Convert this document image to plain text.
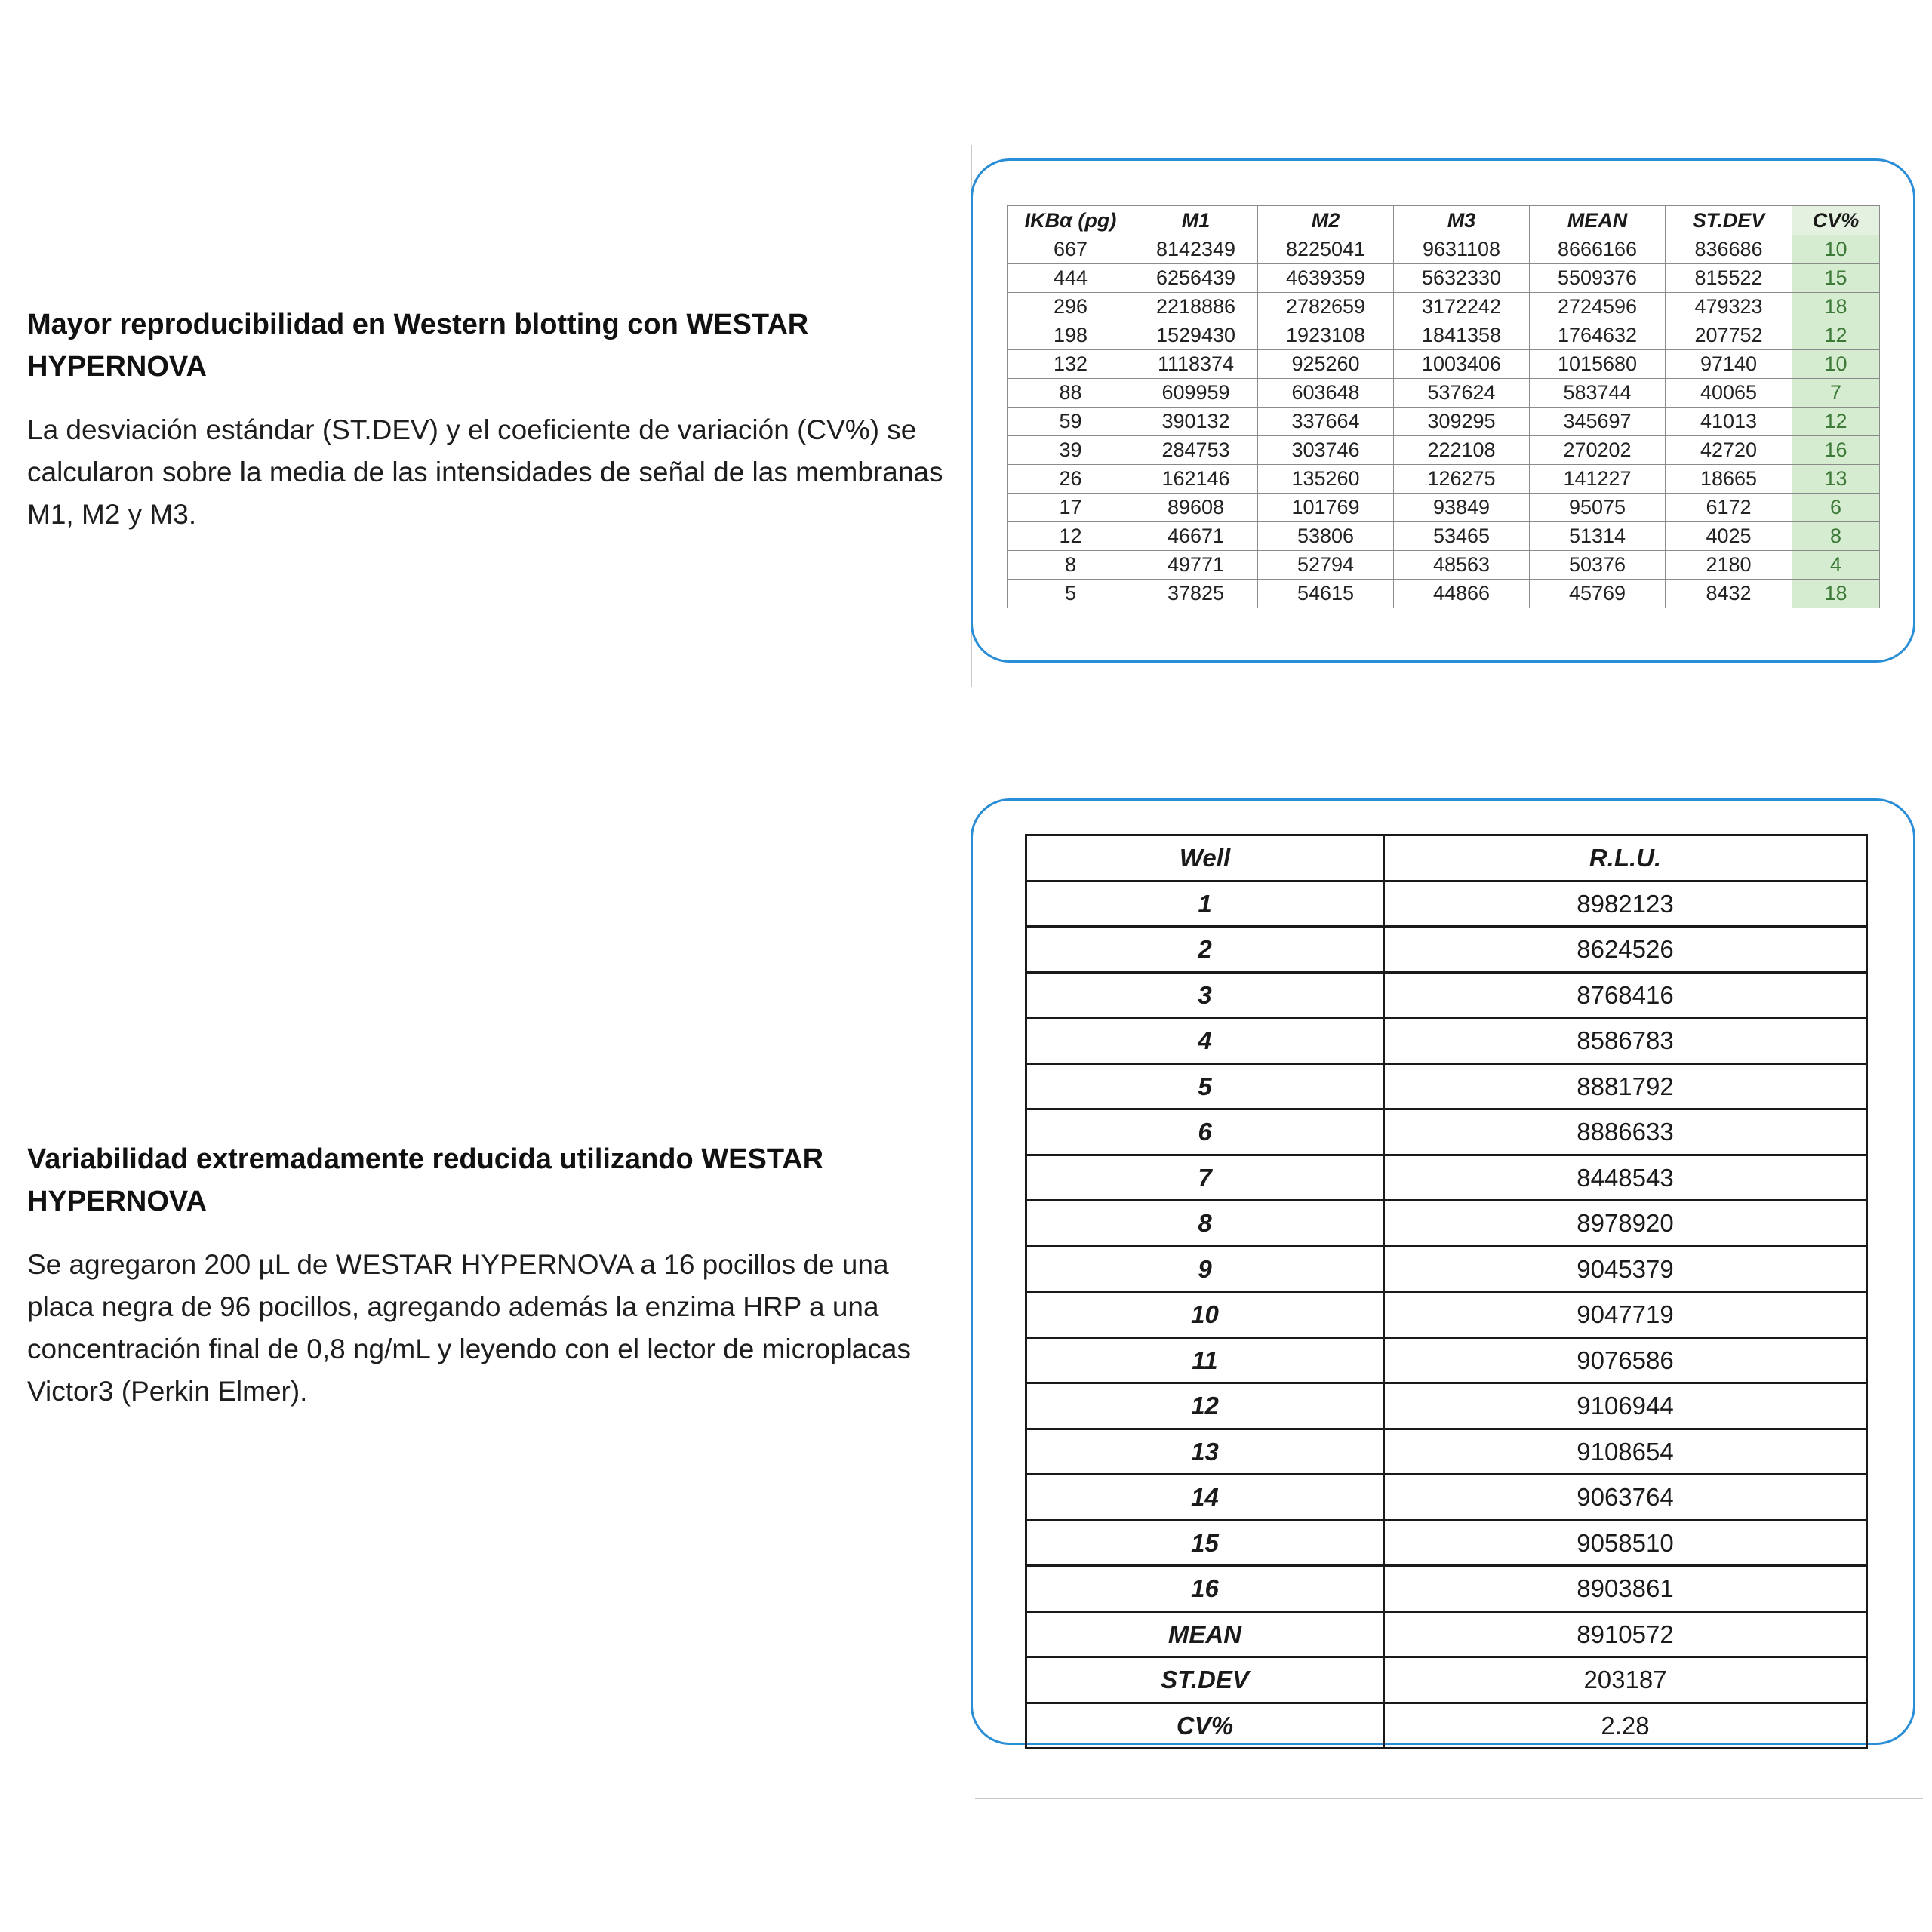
Mayor reproducibilidad en Western blotting con WESTAR HYPERNOVA

La desviación estándar (ST.DEV) y el coeficiente de variación (CV%) se calcularon sobre la media de las intensidades de señal de las membranas M1, M2 y M3.

Variabilidad extremadamente reducida utilizando WESTAR HYPERNOVA

Se agregaron 200 µL de WESTAR HYPERNOVA a 16 pocillos de una placa negra de 96 pocillos, agregando además la enzima HRP a una concentración final de 0,8 ng/mL y leyendo con el lector de microplacas Victor3 (Perkin Elmer).

IKBα (pg)	M1	M2	M3	MEAN	ST.DEV	CV%
667	8142349	8225041	9631108	8666166	836686	10
444	6256439	4639359	5632330	5509376	815522	15
296	2218886	2782659	3172242	2724596	479323	18
198	1529430	1923108	1841358	1764632	207752	12
132	1118374	925260	1003406	1015680	97140	10
88	609959	603648	537624	583744	40065	7
59	390132	337664	309295	345697	41013	12
39	284753	303746	222108	270202	42720	16
26	162146	135260	126275	141227	18665	13
17	89608	101769	93849	95075	6172	6
12	46671	53806	53465	51314	4025	8
8	49771	52794	48563	50376	2180	4
5	37825	54615	44866	45769	8432	18
Well	R.L.U.
1	8982123
2	8624526
3	8768416
4	8586783
5	8881792
6	8886633
7	8448543
8	8978920
9	9045379
10	9047719
11	9076586
12	9106944
13	9108654
14	9063764
15	9058510
16	8903861
MEAN	8910572
ST.DEV	203187
CV%	2.28
